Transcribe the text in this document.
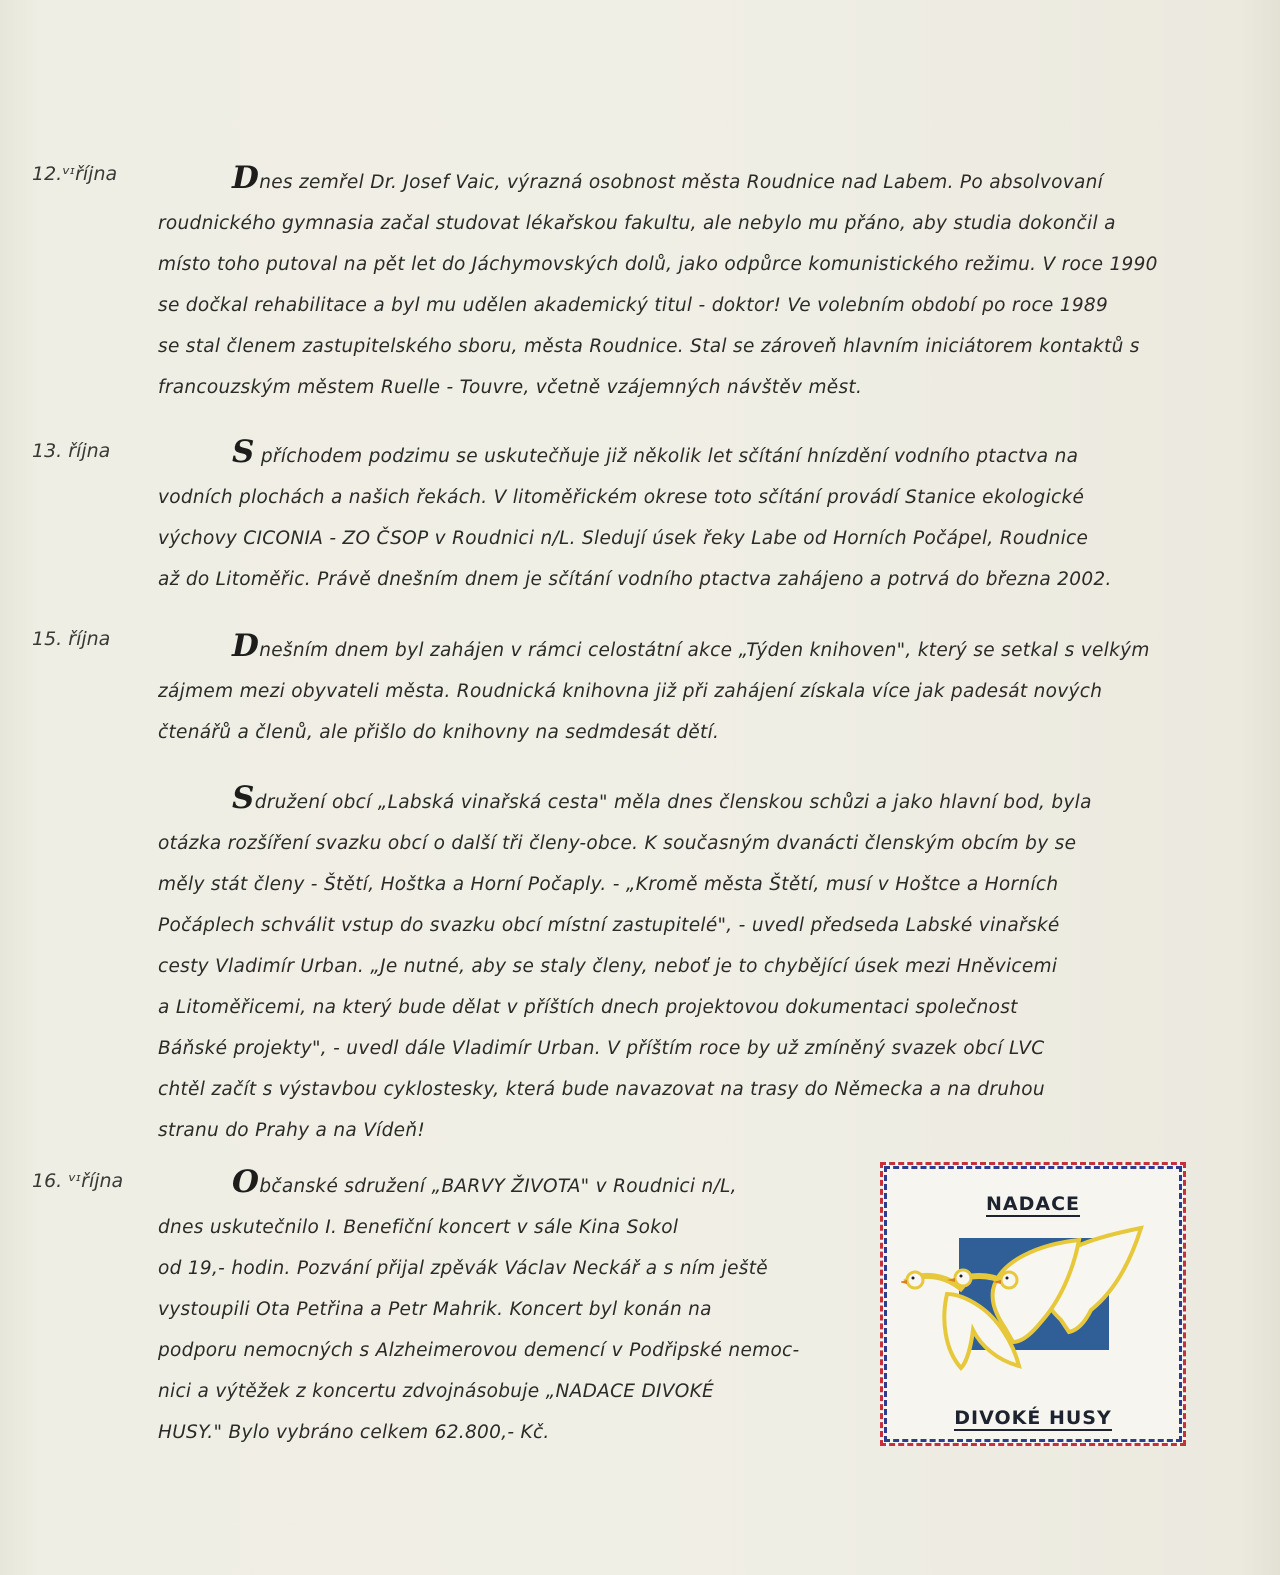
12.ᵛᶦříjna	Dnes zemřel Dr. Josef Vaic, výrazná osobnost města Roudnice nad Labem. Po absolvovaní
roudnického gymnasia začal studovat lékařskou fakultu, ale nebylo mu přáno, aby studia dokončil a
místo toho putoval na pět let do Jáchymovských dolů, jako odpůrce komunistického režimu. V roce 1990
se dočkal rehabilitace a byl mu udělen akademický titul - doktor! Ve volebním období po roce 1989
se stal členem zastupitelského sboru, města Roudnice. Stal se zároveň hlavním iniciátorem kontaktů s
francouzským městem Ruelle - Touvre, včetně vzájemných návštěv měst.
13. října	S příchodem podzimu se uskutečňuje již několik let sčítání hnízdění vodního ptactva na
vodních plochách a našich řekách. V litoměřickém okrese toto sčítání provádí Stanice ekologické
výchovy CICONIA - ZO ČSOP v Roudnici n/L. Sledují úsek řeky Labe od Horních Počápel, Roudnice
až do Litoměřic. Právě dnešním dnem je sčítání vodního ptactva zahájeno a potrvá do března 2002.
15. října	Dnešním dnem byl zahájen v rámci celostátní akce „Týden knihoven", který se setkal s velkým
zájmem mezi obyvateli města. Roudnická knihovna již při zahájení získala více jak padesát nových
čtenářů a členů, ale přišlo do knihovny na sedmdesát dětí.
Sdružení obcí „Labská vinařská cesta" měla dnes členskou schůzi a jako hlavní bod, byla
otázka rozšíření svazku obcí o další tři členy-obce. K současným dvanácti členským obcím by se
měly stát členy - Štětí, Hoštka a Horní Počaply. - „Kromě města Štětí, musí v Hoštce a Horních
Počáplech schválit vstup do svazku obcí místní zastupitelé", - uvedl předseda Labské vinařské
cesty Vladimír Urban. „Je nutné, aby se staly členy, neboť je to chybějící úsek mezi Hněvicemi
a Litoměřicemi, na který bude dělat v příštích dnech projektovou dokumentaci společnost
Báňské projekty", - uvedl dále Vladimír Urban. V příštím roce by už zmíněný svazek obcí LVC
chtěl začít s výstavbou cyklostesky, která bude navazovat na trasy do Německa a na druhou
stranu do Prahy a na Vídeň!
16. ᵛᶦříjna	Občanské sdružení „BARVY ŽIVOTA" v Roudnici n/L,
dnes uskutečnilo I. Benefiční koncert v sále Kina Sokol
od 19,- hodin. Pozvání přijal zpěvák Václav Neckář a s ním ještě
vystoupili Ota Petřina a Petr Mahrik. Koncert byl konán na
podporu nemocných s Alzheimerovou demencí v Podřipské nemoc-
nici a výtěžek z koncertu zdvojnásobuje „NADACE DIVOKÉ
HUSY." Bylo vybráno celkem 62.800,- Kč.
NADACE
DIVOKÉ HUSY
